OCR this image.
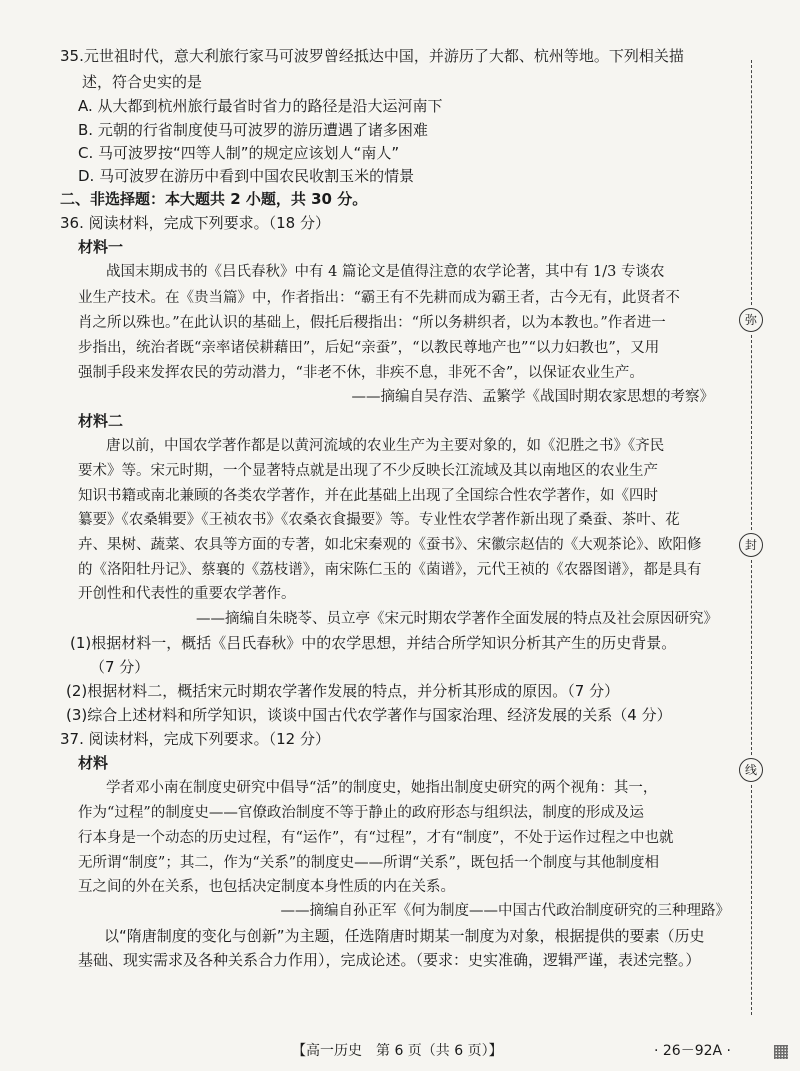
35.元世祖时代，意大利旅行家马可波罗曾经抵达中国，并游历了大都、杭州等地。下列相关描
述，符合史实的是
A. 从大都到杭州旅行最省时省力的路径是沿大运河南下
B. 元朝的行省制度使马可波罗的游历遭遇了诸多困难
C. 马可波罗按“四等人制”的规定应该划人“南人”
D. 马可波罗在游历中看到中国农民收割玉米的情景
二、非选择题：本大题共 2 小题，共 30 分。
36. 阅读材料，完成下列要求。（18 分）
材料一
战国末期成书的《吕氏春秋》中有 4 篇论文是值得注意的农学论著，其中有 1/3 专谈农
业生产技术。在《贵当篇》中，作者指出：“霸王有不先耕而成为霸王者，古今无有，此贤者不
肖之所以殊也。”在此认识的基础上，假托后稷指出：“所以务耕织者，以为本教也。”作者进一
步指出，统治者既“亲率诸侯耕藉田”，后妃“亲蚕”，“以教民尊地产也”“以力妇教也”，又用
强制手段来发挥农民的劳动潜力，“非老不休，非疾不息，非死不舍”，以保证农业生产。
——摘编自吴存浩、孟繁学《战国时期农家思想的考察》
材料二
唐以前，中国农学著作都是以黄河流域的农业生产为主要对象的，如《氾胜之书》《齐民
要术》等。宋元时期，一个显著特点就是出现了不少反映长江流域及其以南地区的农业生产
知识书籍或南北兼顾的各类农学著作，并在此基础上出现了全国综合性农学著作，如《四时
纂要》《农桑辑要》《王祯农书》《农桑衣食撮要》等。专业性农学著作新出现了桑蚕、茶叶、花
卉、果树、蔬菜、农具等方面的专著，如北宋秦观的《蚕书》、宋徽宗赵佶的《大观茶论》、欧阳修
的《洛阳牡丹记》、蔡襄的《荔枝谱》，南宋陈仁玉的《菌谱》，元代王祯的《农器图谱》，都是具有
开创性和代表性的重要农学著作。
——摘编自朱晓苓、员立亭《宋元时期农学著作全面发展的特点及社会原因研究》
(1)根据材料一，概括《吕氏春秋》中的农学思想，并结合所学知识分析其产生的历史背景。
（7 分）
(2)根据材料二，概括宋元时期农学著作发展的特点，并分析其形成的原因。（7 分）
(3)综合上述材料和所学知识，谈谈中国古代农学著作与国家治理、经济发展的关系（4 分）
37. 阅读材料，完成下列要求。（12 分）
材料
学者邓小南在制度史研究中倡导“活”的制度史，她指出制度史研究的两个视角：其一，
作为“过程”的制度史——官僚政治制度不等于静止的政府形态与组织法，制度的形成及运
行本身是一个动态的历史过程，有“运作”，有“过程”，才有“制度”，不处于运作过程之中也就
无所谓“制度”；其二，作为“关系”的制度史——所谓“关系”，既包括一个制度与其他制度相
互之间的外在关系，也包括决定制度本身性质的内在关系。
——摘编自孙正军《何为制度——中国古代政治制度研究的三种理路》
以“隋唐制度的变化与创新”为主题，任选隋唐时期某一制度为对象，根据提供的要素（历史
基础、现实需求及各种关系合力作用），完成论述。（要求：史实准确，逻辑严谨，表述完整。）
弥
封
线
【高一历史　第 6 页（共 6 页）】	· 26－92A ·
